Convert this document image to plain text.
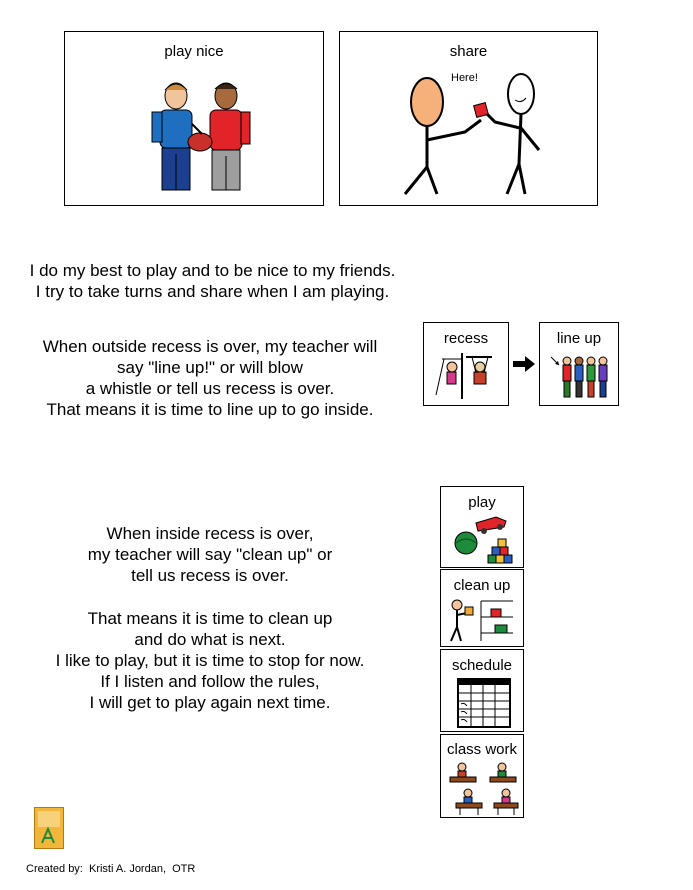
play nice	share
Here!
I do my best to play and to be nice to my friends.
I try to take turns and share when I am playing.
When outside recess is over, my teacher will
say "line up!" or will blow
a whistle or tell us recess is over.
That means it is time to line up to go inside.
recess	line up
When inside recess is over,
my teacher will say "clean up" or
tell us recess is over.
That means it is time to clean up
and do what is next.
I like to play, but it is time to stop for now.
If I listen and follow the rules,
I will get to play again next time.
play
clean up
schedule
class work
Created by:  Kristi A. Jordan,  OTR
